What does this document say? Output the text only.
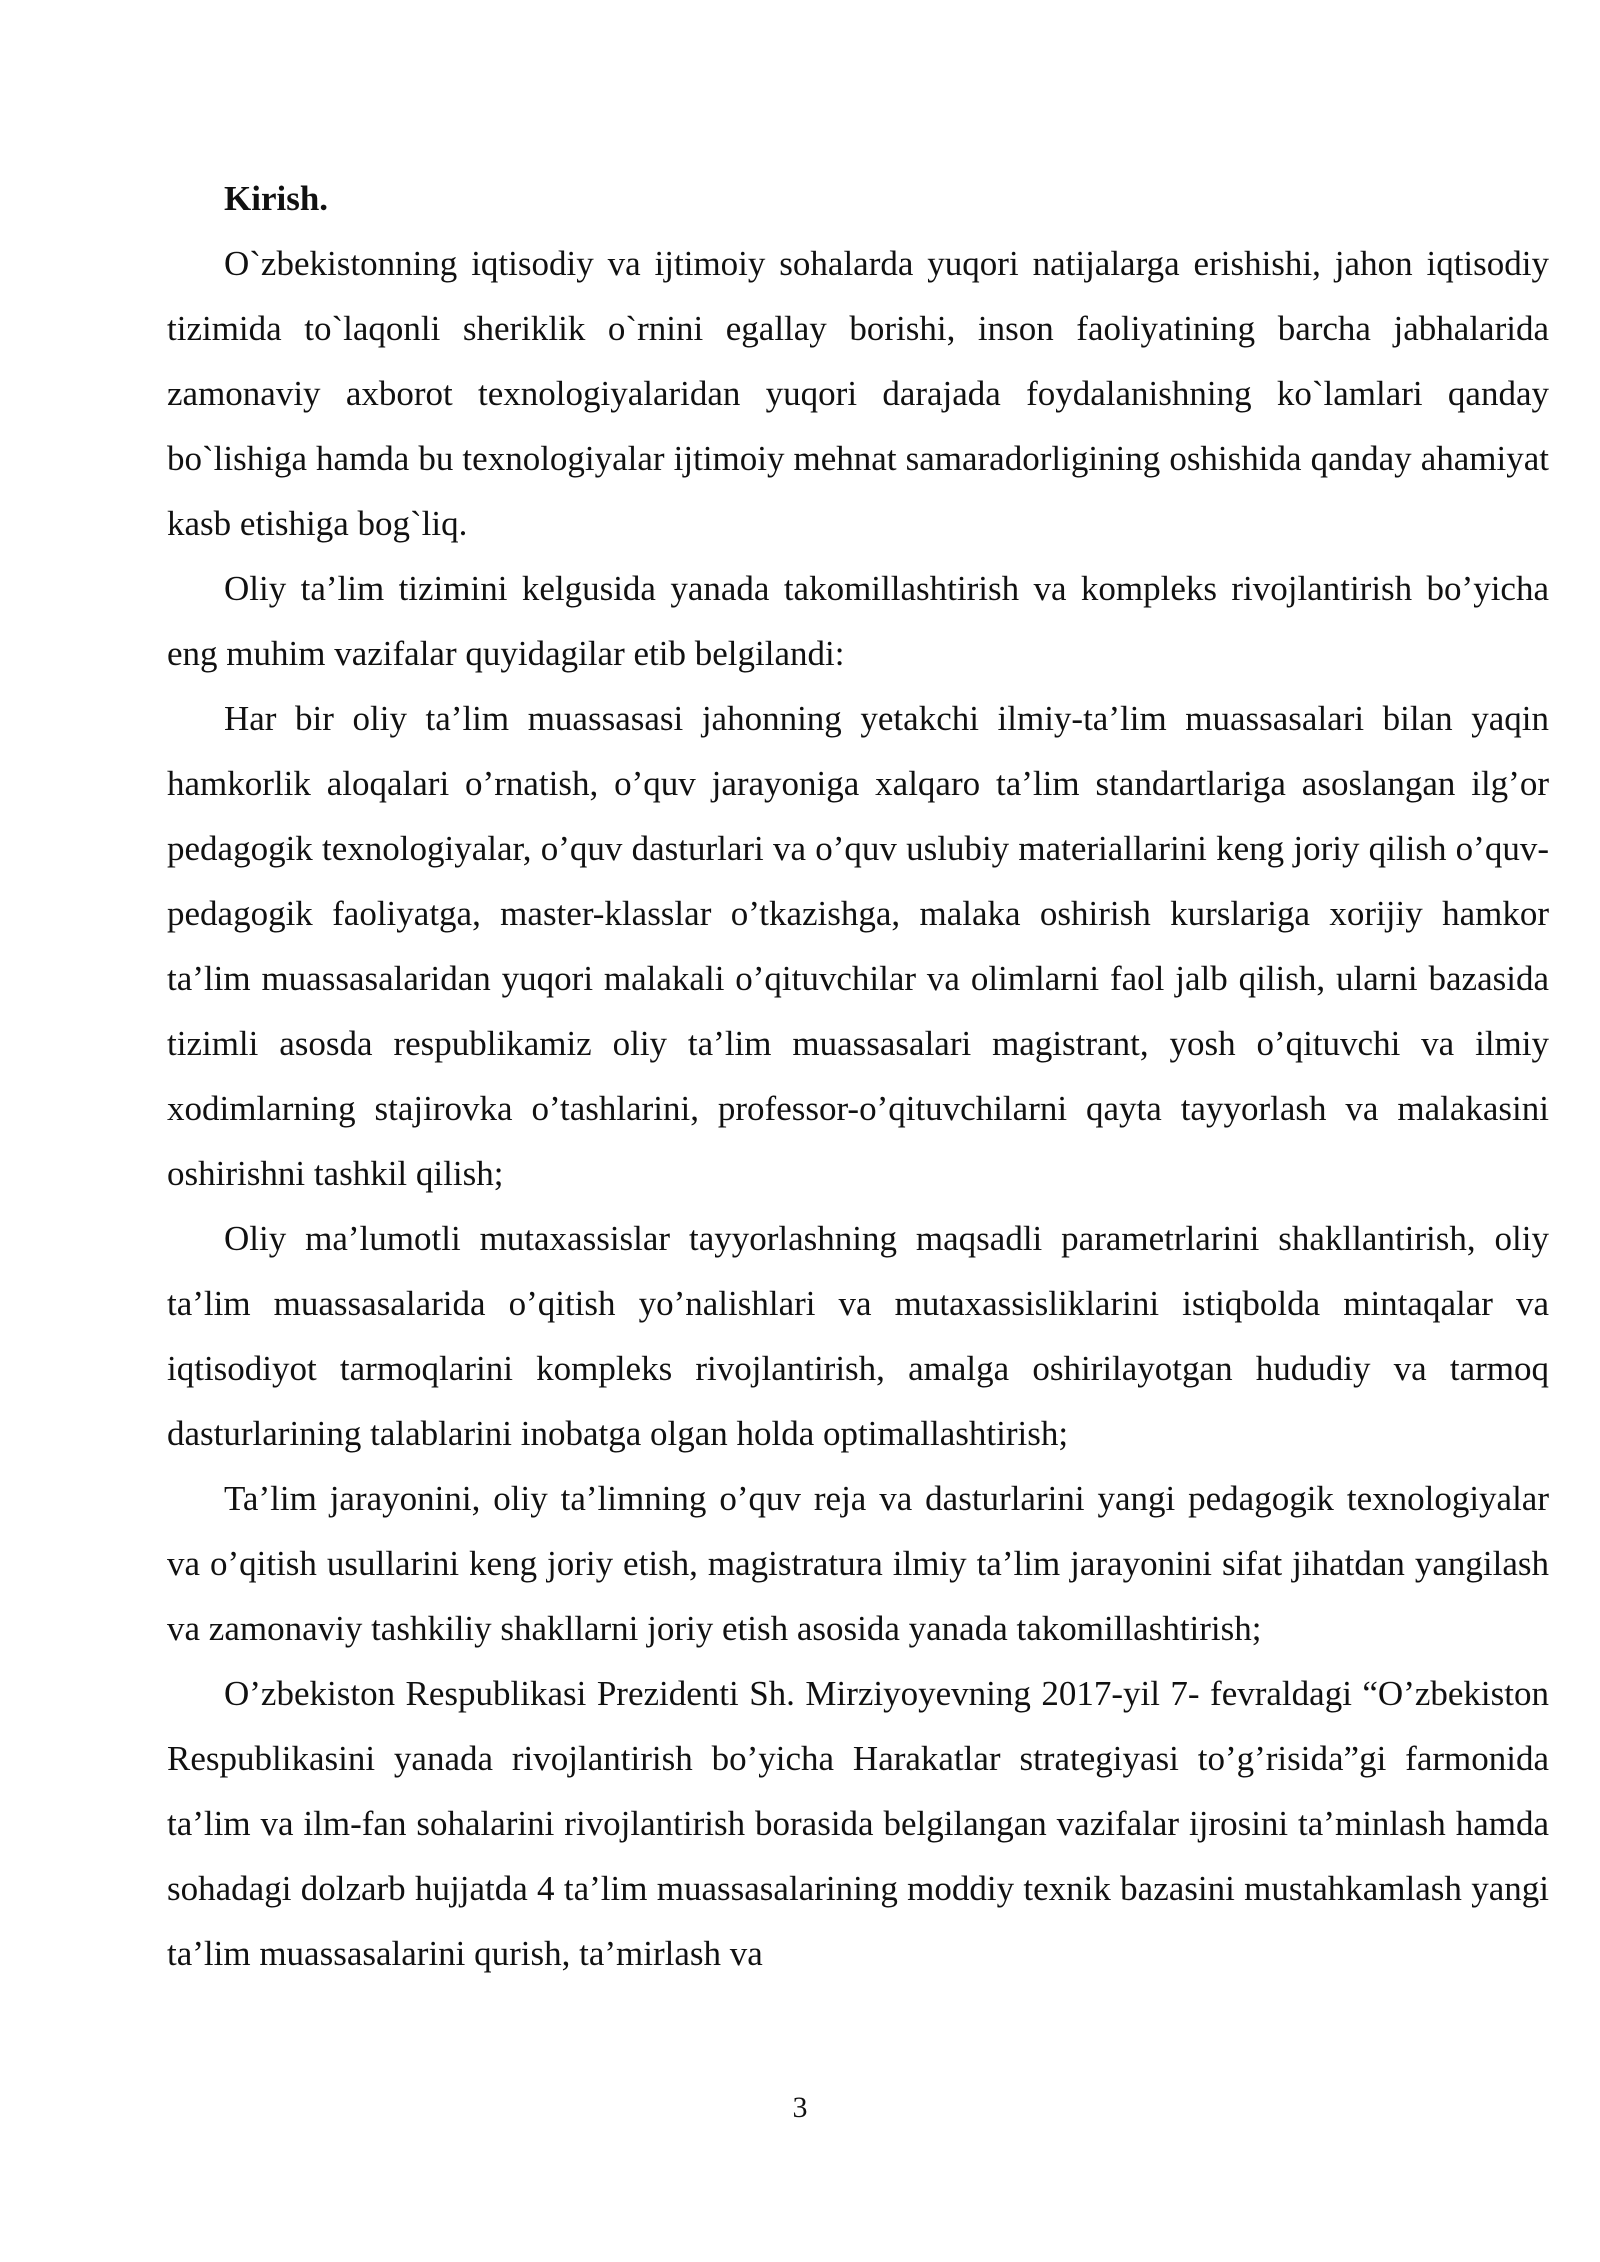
Kirish.

O`zbekistonning iqtisodiy va ijtimoiy sohalarda yuqori natijalarga erishishi, jahon iqtisodiy tizimida to`laqonli sheriklik o`rnini egallay borishi, inson faoliyatining barcha jabhalarida zamonaviy axborot texnologiyalaridan yuqori darajada foydalanishning ko`lamlari qanday bo`lishiga hamda bu texnologiyalar ijtimoiy mehnat samaradorligining oshishida qanday ahamiyat kasb etishiga bog`liq.

Oliy ta’lim tizimini kelgusida yanada takomillashtirish va kompleks rivojlantirish bo’yicha eng muhim vazifalar quyidagilar etib belgilandi:

Har bir oliy ta’lim muassasasi jahonning yetakchi ilmiy-ta’lim muassasalari bilan yaqin hamkorlik aloqalari o’rnatish, o’quv jarayoniga xalqaro ta’lim standartlariga asoslangan ilg’or pedagogik texnologiyalar, o’quv dasturlari va o’quv uslubiy materiallarini keng joriy qilish o’quv-pedagogik faoliyatga, master-klasslar o’tkazishga, malaka oshirish kurslariga xorijiy hamkor ta’lim muassasalaridan yuqori malakali o’qituvchilar va olimlarni faol jalb qilish, ularni bazasida tizimli asosda respublikamiz oliy ta’lim muassasalari magistrant, yosh o’qituvchi va ilmiy xodimlarning stajirovka o’tashlarini, professor-o’qituvchilarni qayta tayyorlash va malakasini oshirishni tashkil qilish;

Oliy ma’lumotli mutaxassislar tayyorlashning maqsadli parametrlarini shakllantirish, oliy ta’lim muassasalarida o’qitish yo’nalishlari va mutaxassisliklarini istiqbolda mintaqalar va iqtisodiyot tarmoqlarini kompleks rivojlantirish, amalga oshirilayotgan hududiy va tarmoq dasturlarining talablarini inobatga olgan holda optimallashtirish;

Ta’lim jarayonini, oliy ta’limning o’quv reja va dasturlarini yangi pedagogik texnologiyalar va o’qitish usullarini keng joriy etish, magistratura ilmiy ta’lim jarayonini sifat jihatdan yangilash va zamonaviy tashkiliy shakllarni joriy etish asosida yanada takomillashtirish;

O’zbekiston Respublikasi Prezidenti Sh. Mirziyoyevning 2017-yil 7- fevraldagi “O’zbekiston Respublikasini yanada rivojlantirish bo’yicha Harakatlar strategiyasi to’g’risida”gi farmonida ta’lim va ilm-fan sohalarini rivojlantirish borasida belgilangan vazifalar ijrosini ta’minlash hamda sohadagi dolzarb hujjatda 4 ta’lim muassasalarining moddiy texnik bazasini mustahkamlash yangi ta’lim muassasalarini qurish, ta’mirlash va

3
